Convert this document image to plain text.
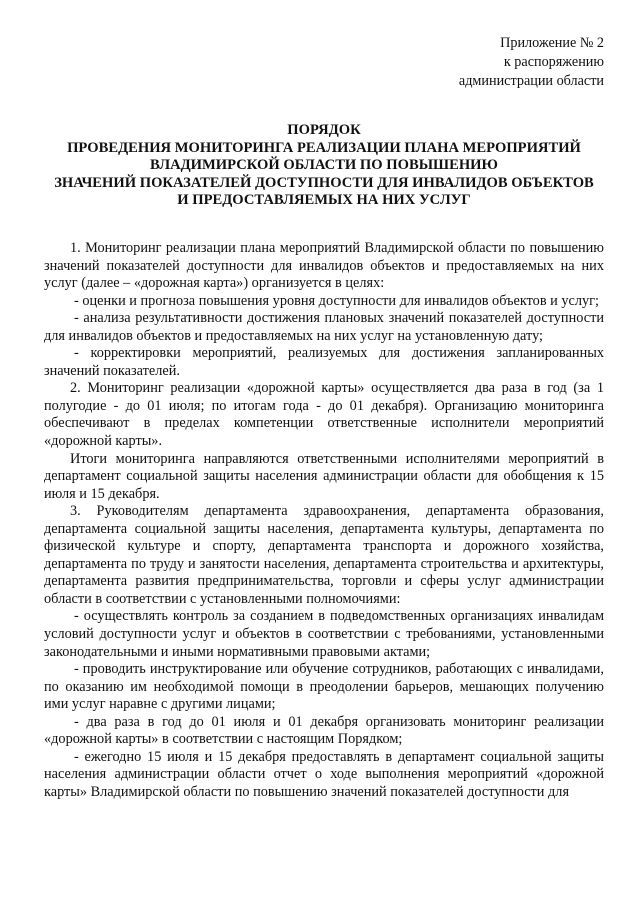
Приложение № 2
к распоряжению
администрации области
ПОРЯДОК
ПРОВЕДЕНИЯ МОНИТОРИНГА РЕАЛИЗАЦИИ ПЛАНА МЕРОПРИЯТИЙ
ВЛАДИМИРСКОЙ ОБЛАСТИ ПО ПОВЫШЕНИЮ
ЗНАЧЕНИЙ ПОКАЗАТЕЛЕЙ ДОСТУПНОСТИ ДЛЯ ИНВАЛИДОВ ОБЪЕКТОВ
И ПРЕДОСТАВЛЯЕМЫХ НА НИХ УСЛУГ

1. Мониторинг реализации плана мероприятий Владимирской области по повышению значений показателей доступности для инвалидов объектов и предоставляемых на них услуг (далее – «дорожная карта») организуется в целях:

- оценки и прогноза повышения уровня доступности для инвалидов объектов и услуг;

- анализа результативности достижения плановых значений показателей доступности для инвалидов объектов и предоставляемых на них услуг на установленную дату;

- корректировки мероприятий, реализуемых для достижения запланированных значений показателей.

2. Мониторинг реализации «дорожной карты» осуществляется два раза в год (за 1 полугодие - до 01 июля; по итогам года - до 01 декабря). Организацию мониторинга обеспечивают в пределах компетенции ответственные исполнители мероприятий «дорожной карты».

Итоги мониторинга направляются ответственными исполнителями мероприятий в департамент социальной защиты населения администрации области для обобщения к 15 июля и 15 декабря.

3. Руководителям департамента здравоохранения, департамента образования, департамента социальной защиты населения, департамента культуры, департамента по физической культуре и спорту, департамента транспорта и дорожного хозяйства, департамента по труду и занятости населения, департамента строительства и архитектуры, департамента развития предпринимательства, торговли и сферы услуг администрации области в соответствии с установленными полномочиями:

- осуществлять контроль за созданием в подведомственных организациях инвалидам условий доступности услуг и объектов в соответствии с требованиями, установленными законодательными и иными нормативными правовыми актами;

- проводить инструктирование или обучение сотрудников, работающих с инвалидами, по оказанию им необходимой помощи в преодолении барьеров, мешающих получению ими услуг наравне с другими лицами;

- два раза в год до 01 июля и 01 декабря организовать мониторинг реализации «дорожной карты» в соответствии с настоящим Порядком;

- ежегодно 15 июля и 15 декабря предоставлять в департамент социальной защиты населения администрации области отчет о ходе выполнения мероприятий «дорожной карты» Владимирской области по повышению значений показателей доступности для
